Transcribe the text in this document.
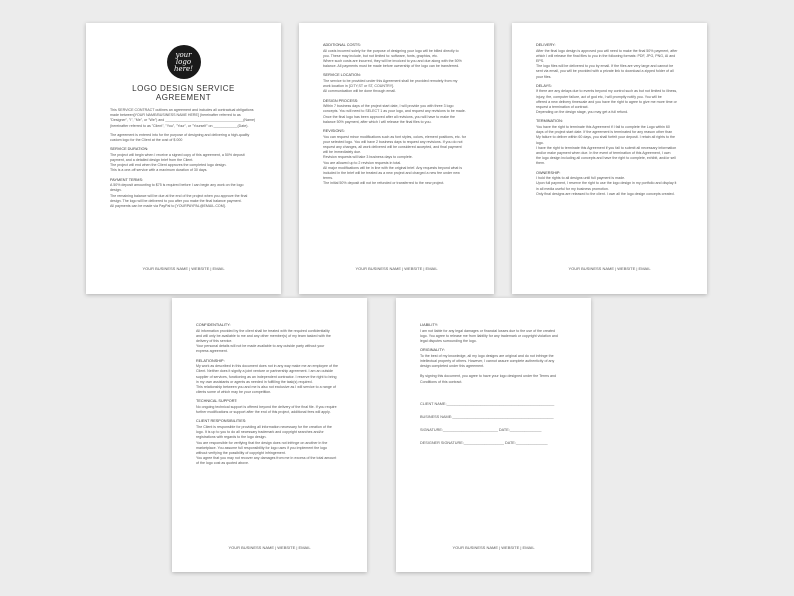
your logo here!

LOGO DESIGN SERVICE AGREEMENT

This SERVICE CONTRACT outlines an agreement and includes all contractual obligations

made between[YOUR NAME/BUSINESS NAME HERE] (hereinafter referred to as

"Designer", "I", "Me", or "We") and _______________________________________(Name)

(hereinafter referred to as "Client", "You", "Your", or "Yourself" on ____________(Date).

The agreement is entered into for the purpose of designing and delivering a high-quality

custom logo for the Client at the cost of $ 000

SERVICE DURATION:

The project will begin when I receive a signed copy of this agreement, a 50% deposit

payment, and a detailed design brief from the Client.

The project will end when the Client approves the completed logo design.

This is a one-off service with a maximum duration of 30 days.

PAYMENT TERMS:

A 50% deposit amounting to $75 is required before I can begin any work on the logo

design.

The remaining balance will be due at the end of the project when you approve the final

design. The logo will be delivered to you after you make the final balance payment.

All payments can be made via PayPal to [YOURPAYPAL@EMAIL.COM].

YOUR BUSINESS NAME | WEBSITE | EMAIL

ADDITIONAL COSTS:

All costs incurred solely for the purpose of designing your logo will be billed directly to

you. These may include, but not limited to: software, fonts, graphics, etc.

Where such costs are incurred, they will be invoiced to you and due along with the 50%

balance. All payments must be made before ownership of the logo can be transferred.

SERVICE LOCATION:

The service to be provided under this Agreement shall be provided remotely from my

work location in [CITY,ST or ST, COUNTRY].

All communication will be done through email.

DESIGN PROCESS:

Within 7 business days of the project start date, I will provide you with three 3 logo

concepts. You will need to SELECT 1 as your logo, and request any revisions to be made.

Once the final logo has been approved after all revisions, you will have to make the

balance 50% payment, after which I will release the final files to you.

REVISIONS:

You can request minor modifications such as font styles, colors, element positions, etc. for

your selected logo. You will have 2 business days to request any revisions. If you do not

request any changes, all work delivered will be considered accepted, and final payment

will be immediately due.

Revision requests will take 3 business days to complete.

You are allowed up to 2 revision requests in total.

All major modifications will be in line with the original brief. Any requests beyond what is

included in the brief will be treated as a new project and charged a new fee under new

terms.

The initial 50% deposit will not be refunded or transferred to the new project.

YOUR BUSINESS NAME | WEBSITE | EMAIL

DELIVERY:

After the final logo design is approved you will need to make the final 50% payment, after

which I will release the final files to you in the following formats: PDF, JPG, PNG, AI and

EPS.

The logo files will be delivered to you by email. If the files are very large and cannot be

sent via email, you will be provided with a private link to download a zipped folder of all

your files.

DELAYS:

If there are any delays due to events beyond my control such as but not limited to illness,

injury, fire, computer failure, act of god etc, I will promptly notify you. You will be

offered a new delivery timescale and you have the right to agree to give me more time or

request a termination of contract.

Depending on the design stage, you may get a full refund.

TERMINATION:

You have the right to terminate this Agreement if I fail to complete the Logo within 60

days of the project start date. If the agreement is terminated for any reason other than

My failure to deliver within 60 days, you shall forfeit your deposit. I retain all rights to the

logo.

I have the right to terminate this Agreement if you fail to submit all necessary information

and/or make payment when due. In the event of termination of this Agreement, I own

the logo design including all concepts and have the right to complete, exhibit, and/or sell

them.

OWNERSHIP:

I hold the rights to all designs until full payment is made.

Upon full payment, I reserve the right to use the logo design in my portfolio and display it

in all media useful for my business promotion.

Only final designs are released to the client. I own all the logo design concepts created.

YOUR BUSINESS NAME | WEBSITE | EMAIL

CONFIDENTIALITY:

All information provided by the client shall be treated with the required confidentiality

and will only be available to me and any other member(s) of my team tasked with the

delivery of this service.

Your personal details will not be made available to any outside party without your

express agreement.

RELATIONSHIP:

My work as described in this document does not in any way make me an employee of the

Client. Neither does it signify a joint venture or partnership agreement. I am an outside

supplier of services, functioning as an independent contractor. I reserve the right to bring

in my own assistants or agents as needed in fulfilling the task(s) required.

This relationship between you and me is also not exclusive as I will service to a range of

clients some of which may be your competition.

TECHNICAL SUPPORT:

No ongoing technical support is offered beyond the delivery of the final file. If you require

further modifications or support after the end of this project, additional fees will apply.

CLIENT RESPONSIBILITIES:

The Client is responsible for providing all information necessary for the creation of the

logo. It is up to you to do all necessary trademark and copyright searches and/or

registrations with regards to the logo design.

You are responsible for verifying that the design does not infringe on another in the

marketplace. You assume full responsibility for logo uses if you implement the logo

without verifying the possibility of copyright infringement.

You agree that you may not recover any damages from me in excess of the total amount

of the logo cost as quoted above.

YOUR BUSINESS NAME | WEBSITE | EMAIL

LIABILITY:

I am not liable for any legal damages or financial losses due to the use of the created

logo. You agree to release me from liability for any trademark or copyright violation and

legal disputes surrounding the logo.

ORIGINALITY:

To the best of my knowledge, all my logo designs are original and do not infringe the

intellectual property of others. However, I cannot assure complete authenticity of any

design completed under this agreement.

By signing this document, you agree to have your logo designed under the Terms and

Conditions of this contract.

CLIENT NAME:___________________________________________________

BUSINESS NAME:________________________________________________

SIGNATURE:__________________________ DATE:_______________

DESIGNER SIGNATURE:___________________ DATE:_______________

YOUR BUSINESS NAME | WEBSITE | EMAIL
